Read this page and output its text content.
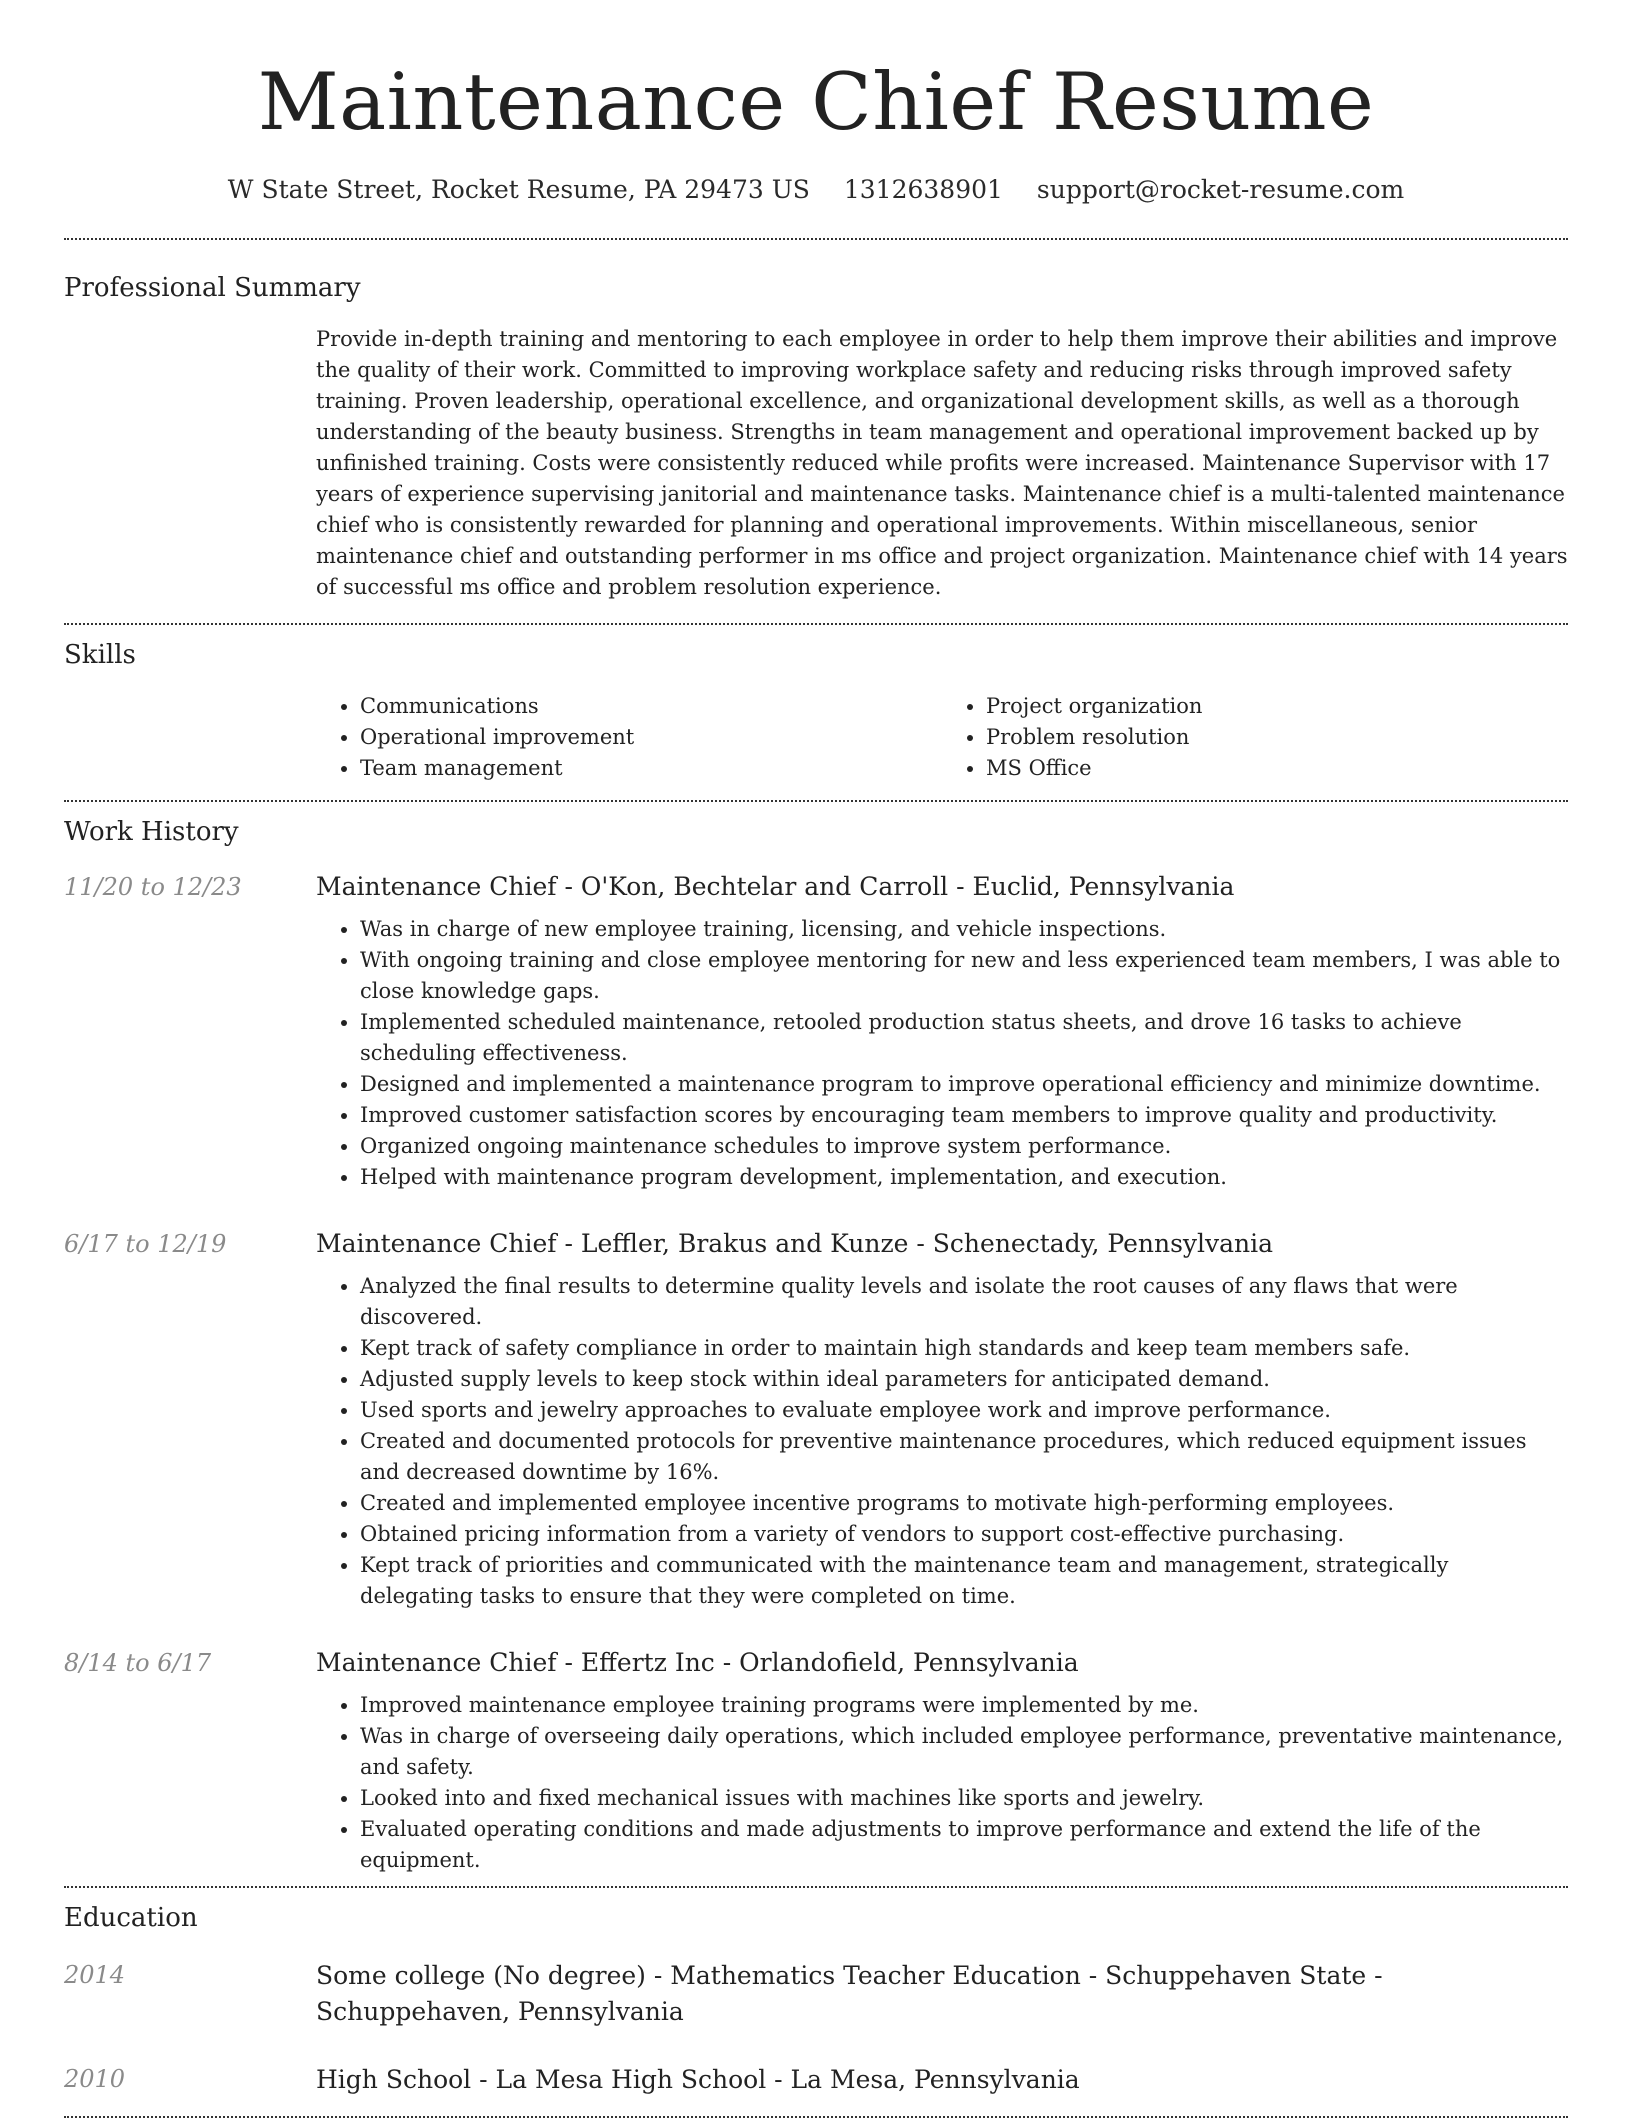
Maintenance Chief Resume
W State Street, Rocket Resume, PA 29473 US 1312638901 support@rocket-resume.com
Professional Summary

Provide in-depth training and mentoring to each employee in order to help them improve their abilities and improve the quality of their work. Committed to improving workplace safety and reducing risks through improved safety training. Proven leadership, operational excellence, and organizational development skills, as well as a thorough understanding of the beauty business. Strengths in team management and operational improvement backed up by unfinished training. Costs were consistently reduced while profits were increased. Maintenance Supervisor with 17 years of experience supervising janitorial and maintenance tasks. Maintenance chief is a multi-talented maintenance chief who is consistently rewarded for planning and operational improvements. Within miscellaneous, senior maintenance chief and outstanding performer in ms office and project organization. Maintenance chief with 14 years of successful ms office and problem resolution experience.

Skills
• Communications
• Operational improvement
• Team management
• Project organization
• Problem resolution
• MS Office
Work History
11/20 to 12/23	Maintenance Chief - O'Kon, Bechtelar and Carroll - Euclid, Pennsylvania
• Was in charge of new employee training, licensing, and vehicle inspections.
• With ongoing training and close employee mentoring for new and less experienced team members, I was able to close knowledge gaps.
• Implemented scheduled maintenance, retooled production status sheets, and drove 16 tasks to achieve scheduling effectiveness.
• Designed and implemented a maintenance program to improve operational efficiency and minimize downtime.
• Improved customer satisfaction scores by encouraging team members to improve quality and productivity.
• Organized ongoing maintenance schedules to improve system performance.
• Helped with maintenance program development, implementation, and execution.
6/17 to 12/19	Maintenance Chief - Leffler, Brakus and Kunze - Schenectady, Pennsylvania
• Analyzed the final results to determine quality levels and isolate the root causes of any flaws that were discovered.
• Kept track of safety compliance in order to maintain high standards and keep team members safe.
• Adjusted supply levels to keep stock within ideal parameters for anticipated demand.
• Used sports and jewelry approaches to evaluate employee work and improve performance.
• Created and documented protocols for preventive maintenance procedures, which reduced equipment issues and decreased downtime by 16%.
• Created and implemented employee incentive programs to motivate high-performing employees.
• Obtained pricing information from a variety of vendors to support cost-effective purchasing.
• Kept track of priorities and communicated with the maintenance team and management, strategically delegating tasks to ensure that they were completed on time.
8/14 to 6/17	Maintenance Chief - Effertz Inc - Orlandofield, Pennsylvania
• Improved maintenance employee training programs were implemented by me.
• Was in charge of overseeing daily operations, which included employee performance, preventative maintenance, and safety.
• Looked into and fixed mechanical issues with machines like sports and jewelry.
• Evaluated operating conditions and made adjustments to improve performance and extend the life of the equipment.
Education
2014	Some college (No degree) - Mathematics Teacher Education - Schuppehaven State - Schuppehaven, Pennsylvania
2010	High School - La Mesa High School - La Mesa, Pennsylvania
